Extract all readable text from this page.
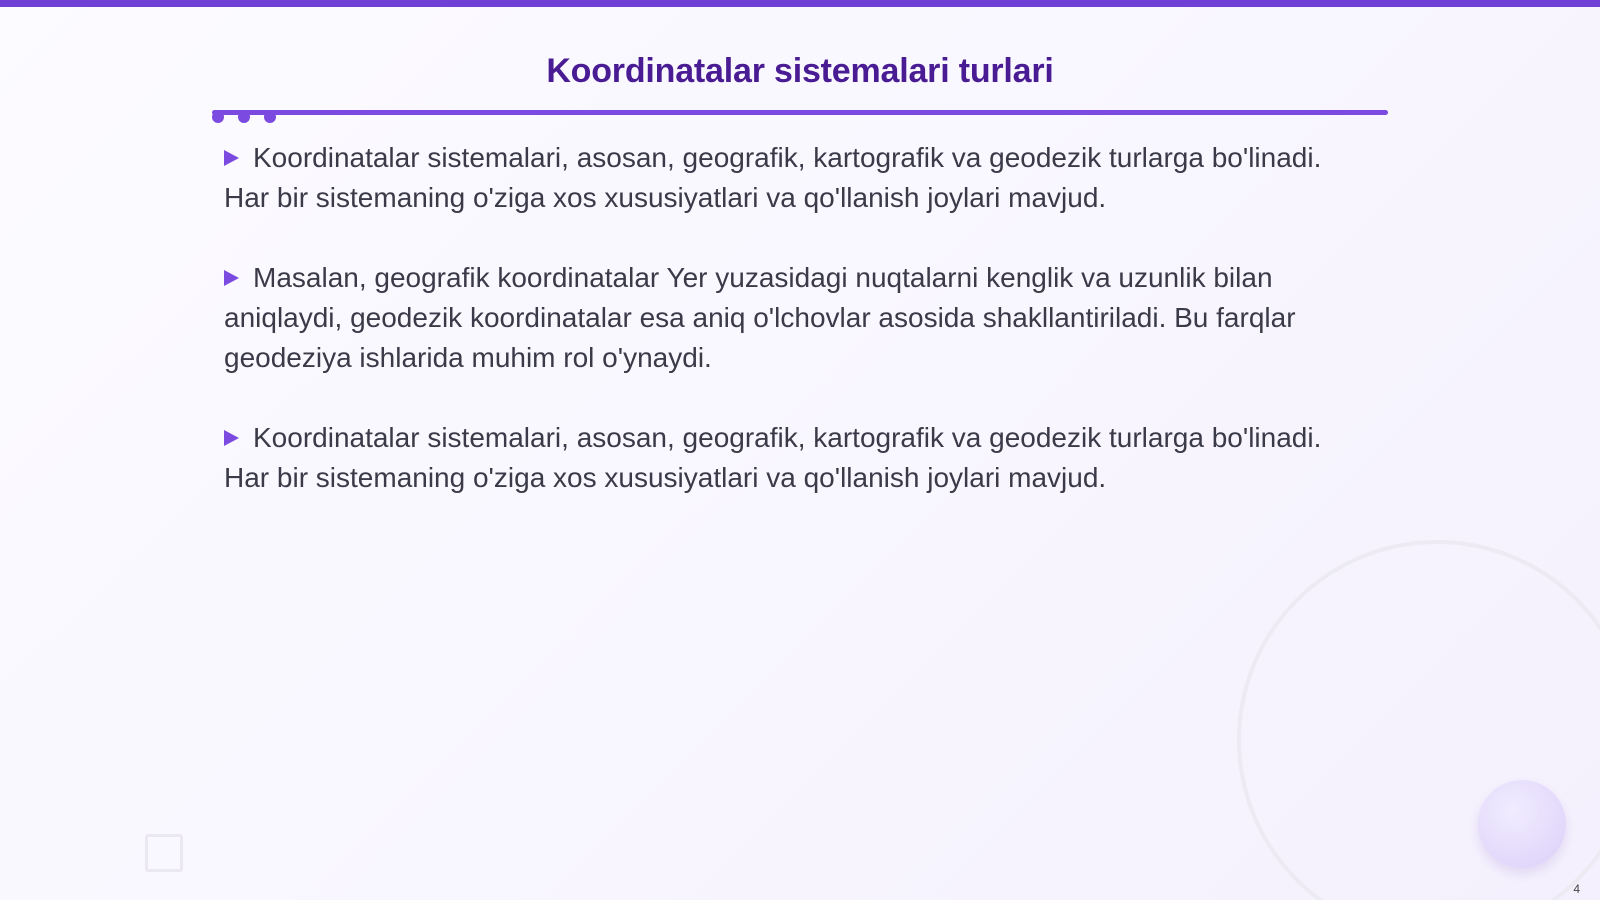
Koordinatalar sistemalari turlari

Koordinatalar sistemalari, asosan, geografik, kartografik va geodezik turlarga bo'linadi. Har bir sistemaning o'ziga xos xususiyatlari va qo'llanish joylari mavjud.

Masalan, geografik koordinatalar Yer yuzasidagi nuqtalarni kenglik va uzunlik bilan aniqlaydi, geodezik koordinatalar esa aniq o'lchovlar asosida shakllantiriladi. Bu farqlar geodeziya ishlarida muhim rol o'ynaydi.

Koordinatalar sistemalari, asosan, geografik, kartografik va geodezik turlarga bo'linadi. Har bir sistemaning o'ziga xos xususiyatlari va qo'llanish joylari mavjud.

4
